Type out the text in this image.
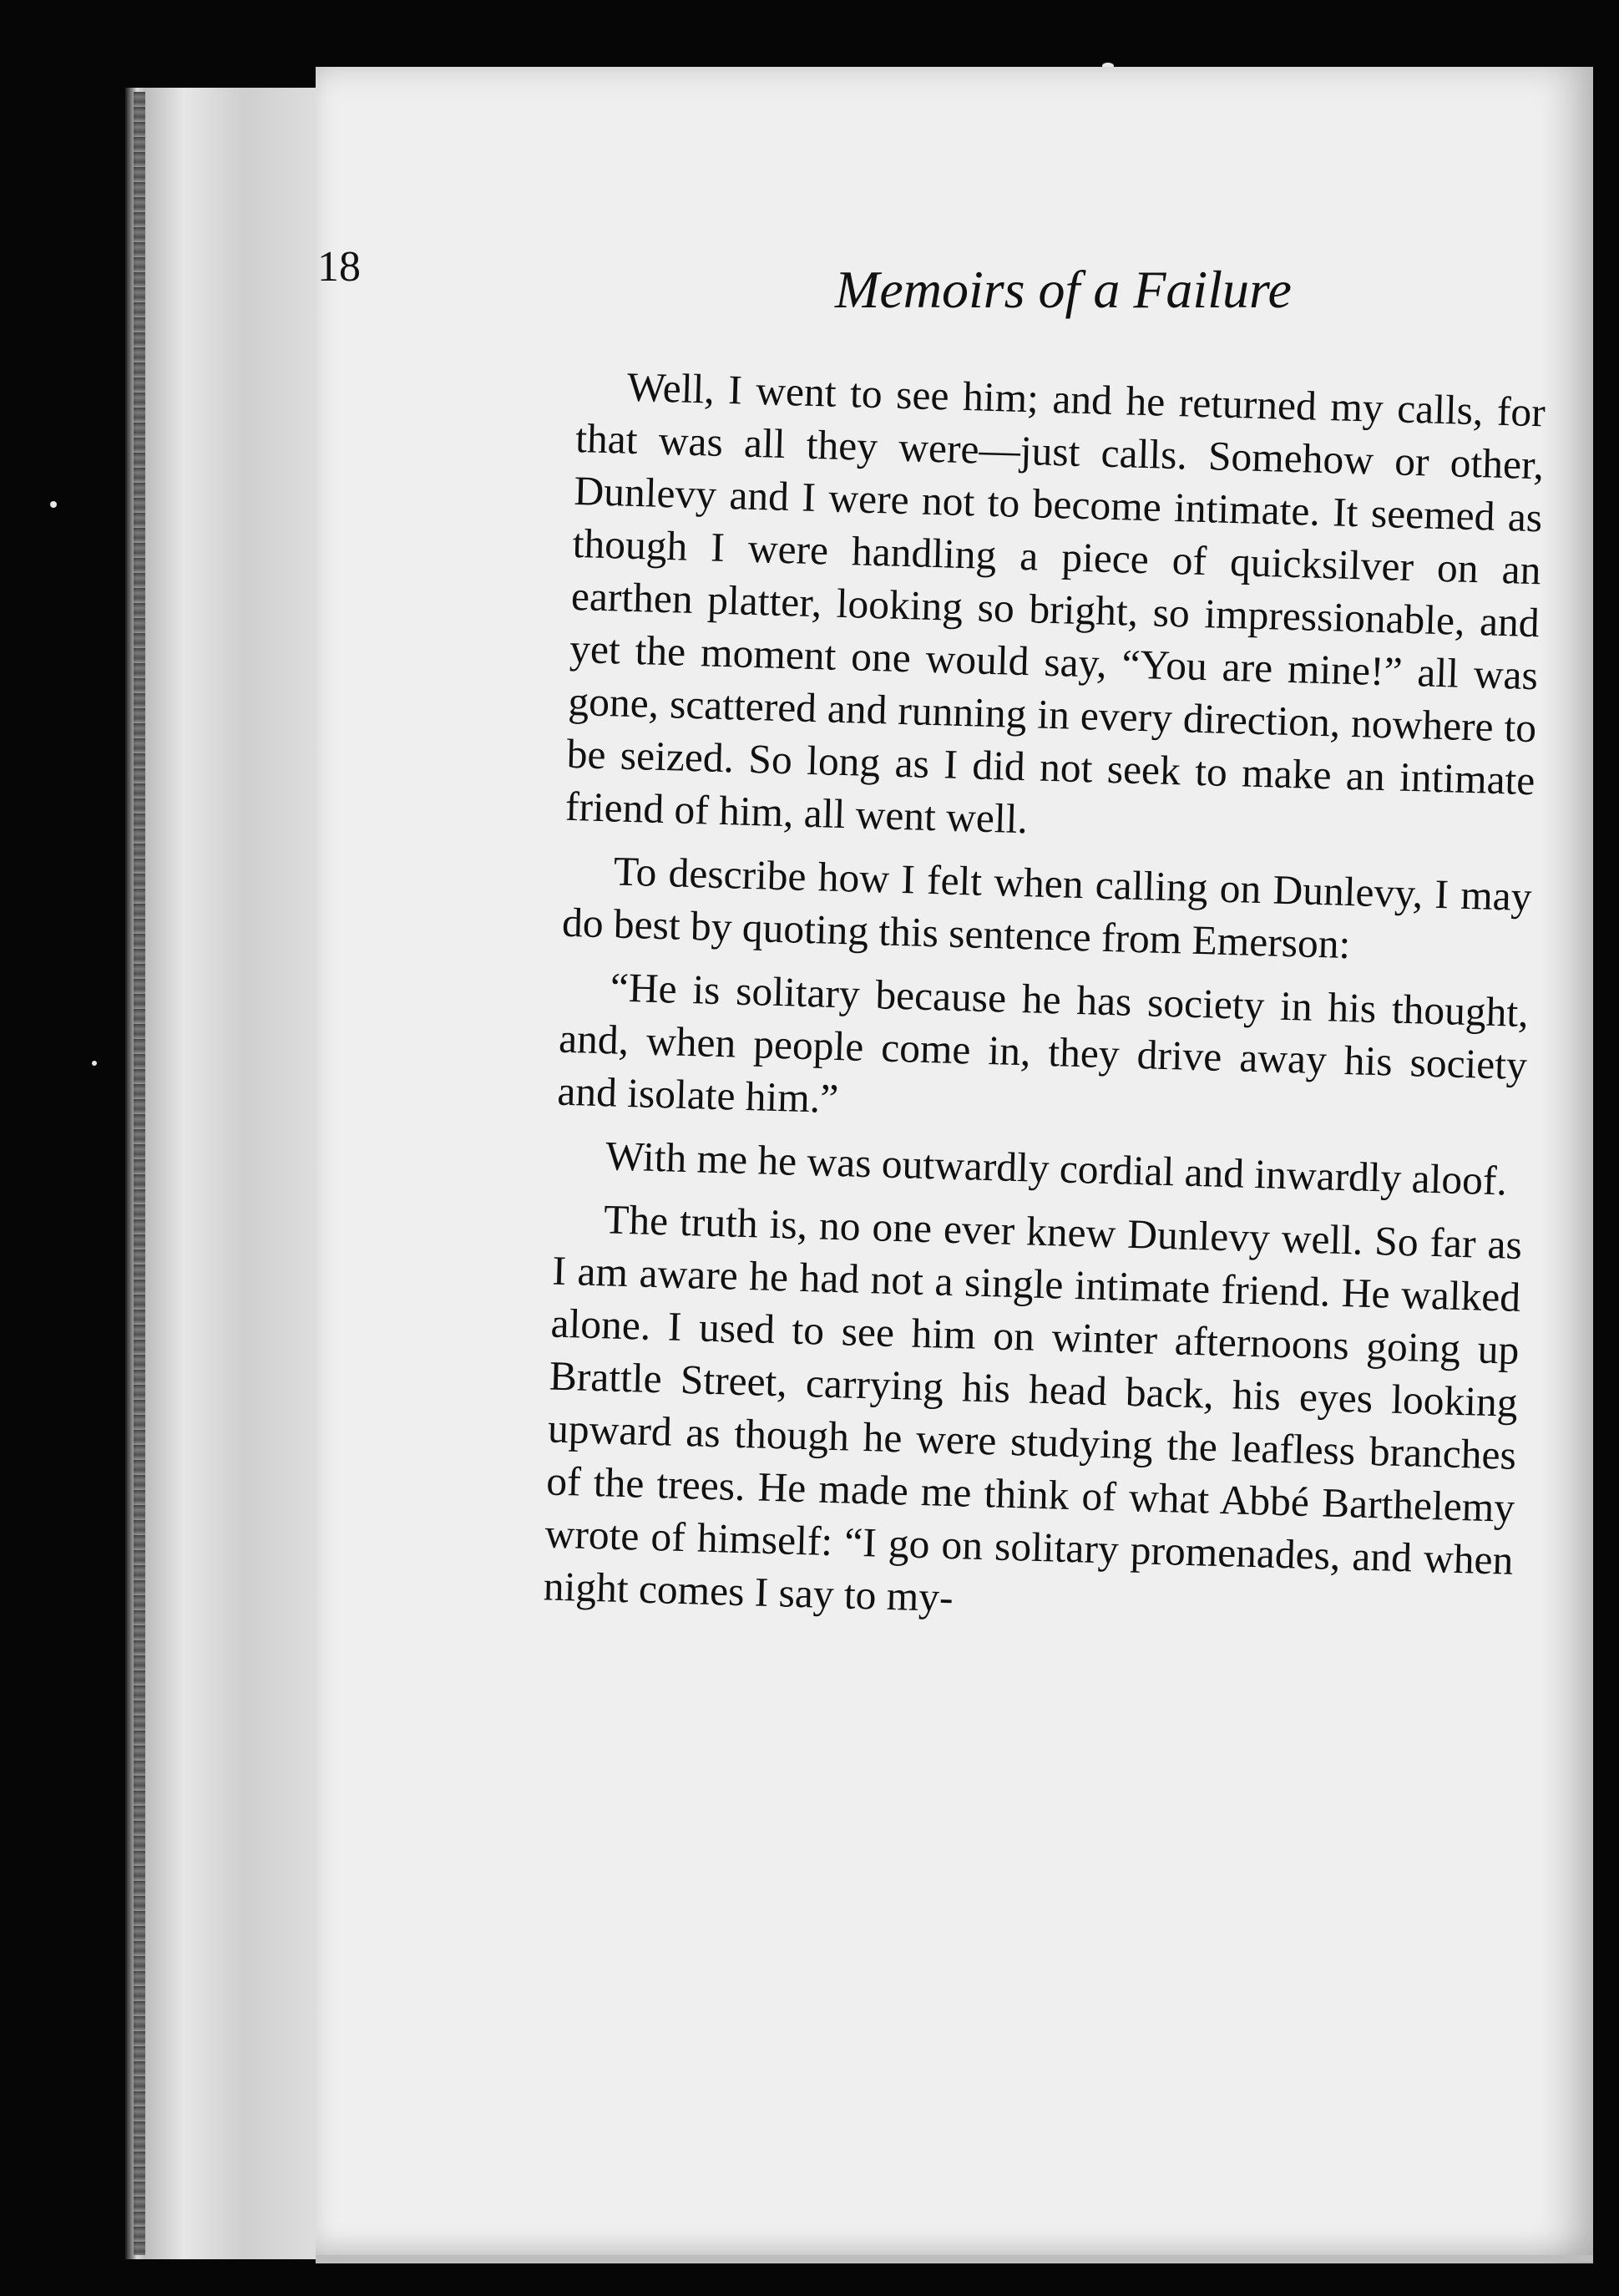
18	Memoirs of a Failure

Well, I went to see him; and he returned my calls, for that was all they were—just calls. Somehow or other, Dunlevy and I were not to become intimate. It seemed as though I were handling a piece of quicksilver on an earthen platter, looking so bright, so impressionable, and yet the moment one would say, “You are mine!” all was gone, scattered and running in every direction, nowhere to be seized. So long as I did not seek to make an intimate friend of him, all went well.

To describe how I felt when calling on Dunlevy, I may do best by quoting this sentence from Emerson:

“He is solitary because he has society in his thought, and, when people come in, they drive away his society and isolate him.”

With me he was outwardly cordial and inwardly aloof.

The truth is, no one ever knew Dunlevy well. So far as I am aware he had not a single intimate friend. He walked alone. I used to see him on winter afternoons going up Brattle Street, carrying his head back, his eyes looking upward as though he were studying the leafless branches of the trees. He made me think of what Abbé Barthelemy wrote of himself: “I go on solitary promenades, and when night comes I say to my-
